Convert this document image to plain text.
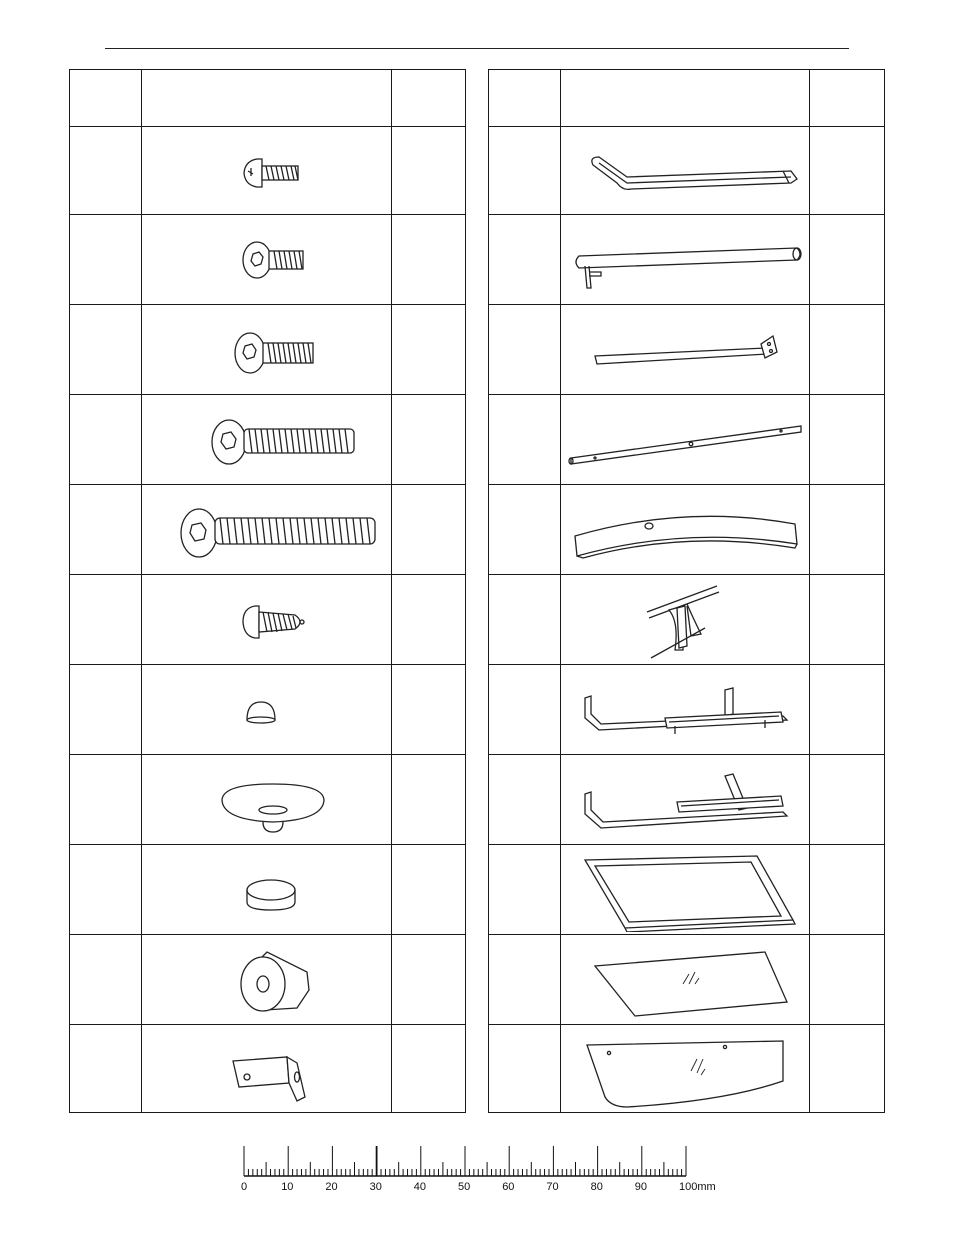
0	10	20	30	40	50	60	70	80	90	100mm
